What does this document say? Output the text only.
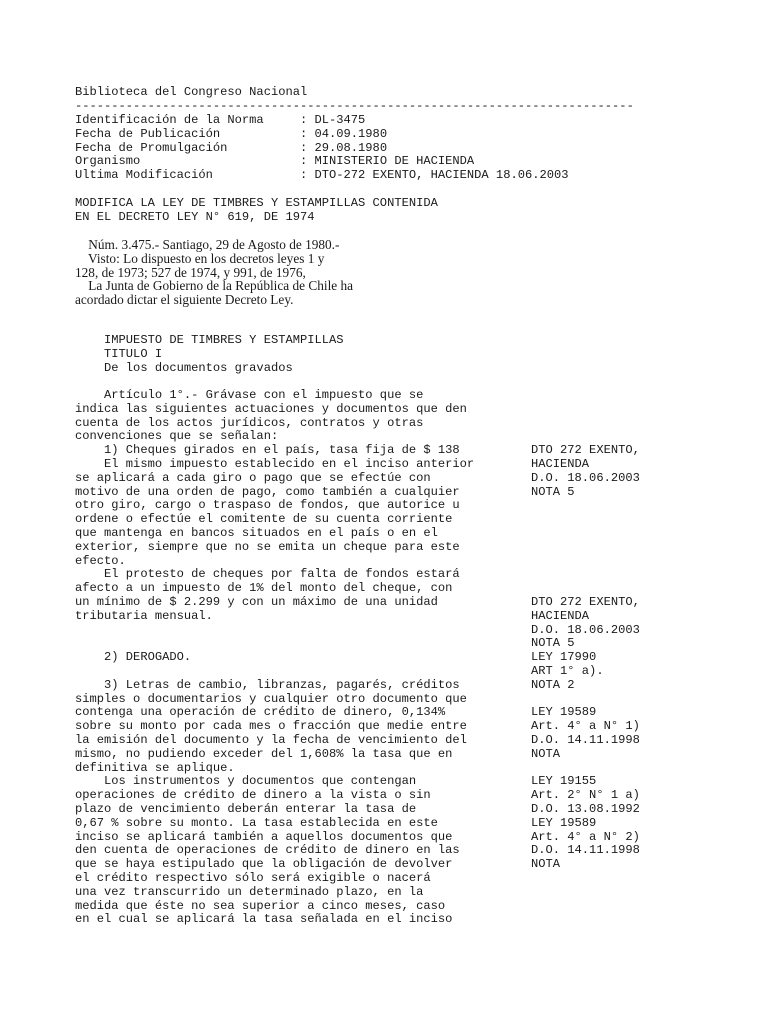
Biblioteca del Congreso Nacional
-----------------------------------------------------------------------------
Identificación de la Norma     : DL-3475
Fecha de Publicación           : 04.09.1980
Fecha de Promulgación          : 29.08.1980
Organismo                      : MINISTERIO DE HACIENDA
Ultima Modificación            : DTO-272 EXENTO, HACIENDA 18.06.2003
MODIFICA LA LEY DE TIMBRES Y ESTAMPILLAS CONTENIDA
EN EL DECRETO LEY N° 619, DE 1974
Núm. 3.475.- Santiago, 29 de Agosto de 1980.-
Visto: Lo dispuesto en los decretos leyes 1 y
128, de 1973; 527 de 1974, y 991, de 1976,
La Junta de Gobierno de la República de Chile ha
acordado dictar el siguiente Decreto Ley.
IMPUESTO DE TIMBRES Y ESTAMPILLAS
TITULO I
De los documentos gravados
Artículo 1°.- Grávase con el impuesto que se
indica las siguientes actuaciones y documentos que den
cuenta de los actos jurídicos, contratos y otras
convenciones que se señalan:
1) Cheques girados en el país, tasa fija de $ 138
El mismo impuesto establecido en el inciso anterior
se aplicará a cada giro o pago que se efectúe con
motivo de una orden de pago, como también a cualquier
otro giro, cargo o traspaso de fondos, que autorice u
ordene o efectúe el comitente de su cuenta corriente
que mantenga en bancos situados en el país o en el
exterior, siempre que no se emita un cheque para este
efecto.
El protesto de cheques por falta de fondos estará
afecto a un impuesto de 1% del monto del cheque, con
un mínimo de $ 2.299 y con un máximo de una unidad
tributaria mensual.
2) DEROGADO.
3) Letras de cambio, libranzas, pagarés, créditos
simples o documentarios y cualquier otro documento que
contenga una operación de crédito de dinero, 0,134%
sobre su monto por cada mes o fracción que medie entre
la emisión del documento y la fecha de vencimiento del
mismo, no pudiendo exceder del 1,608% la tasa que en
definitiva se aplique.
Los instrumentos y documentos que contengan
operaciones de crédito de dinero a la vista o sin
plazo de vencimiento deberán enterar la tasa de
0,67 % sobre su monto. La tasa establecida en este
inciso se aplicará también a aquellos documentos que
den cuenta de operaciones de crédito de dinero en las
que se haya estipulado que la obligación de devolver
el crédito respectivo sólo será exigible o nacerá
una vez transcurrido un determinado plazo, en la
medida que éste no sea superior a cinco meses, caso
en el cual se aplicará la tasa señalada en el inciso
DTO 272 EXENTO,
HACIENDA
D.O. 18.06.2003
NOTA 5
DTO 272 EXENTO,
HACIENDA
D.O. 18.06.2003
NOTA 5
LEY 17990
ART 1° a).
NOTA 2
LEY 19589
Art. 4° a N° 1)
D.O. 14.11.1998
NOTA
LEY 19155
Art. 2° N° 1 a)
D.O. 13.08.1992
LEY 19589
Art. 4° a N° 2)
D.O. 14.11.1998
NOTA
